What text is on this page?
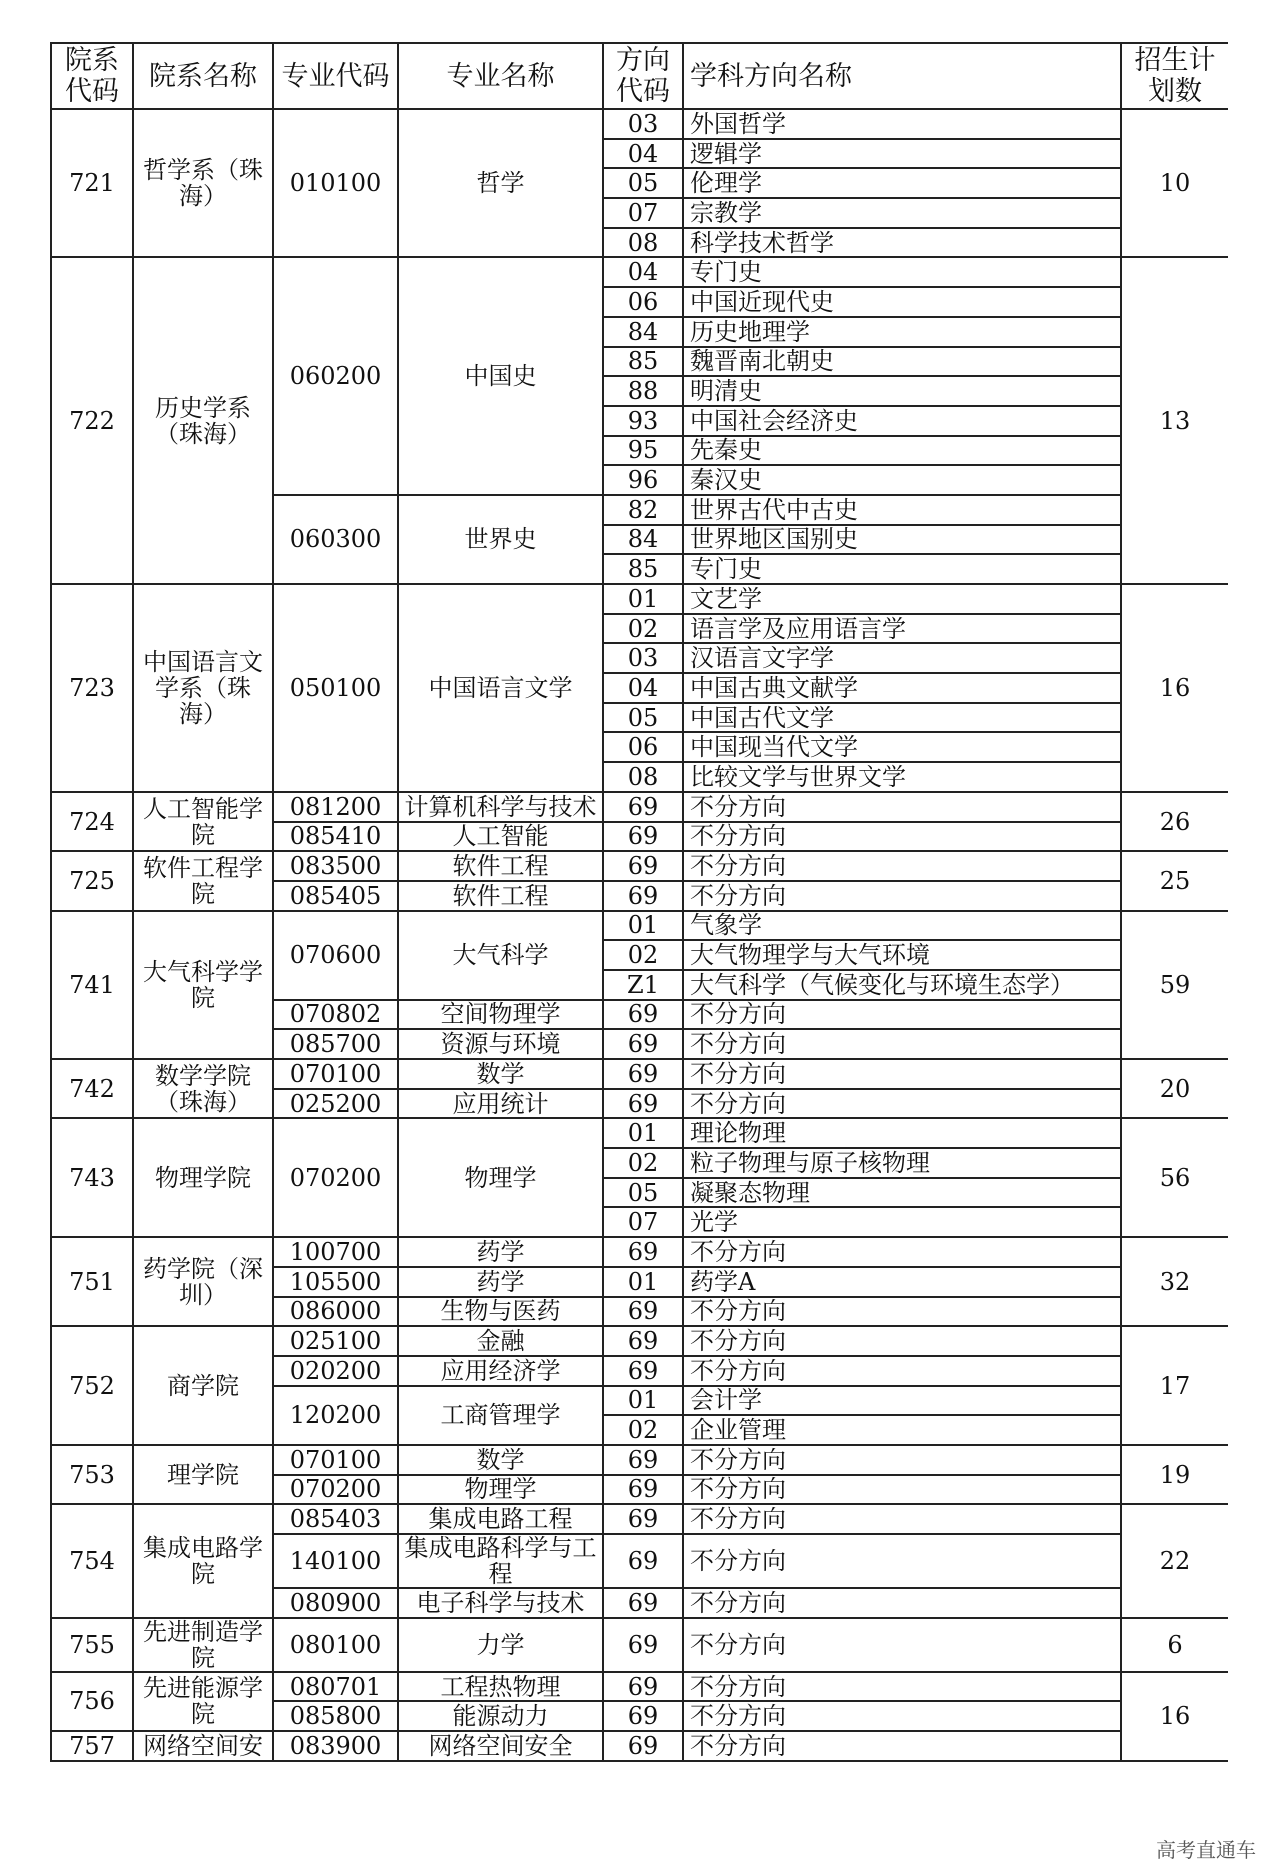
院系代码	院系名称	专业代码	专业名称	方向代码	学科方向名称	招生计划数
721	哲学系（珠海）	010100	哲学	03	外国哲学	10
				04	逻辑学	
				05	伦理学	
				07	宗教学	
				08	科学技术哲学	
722	历史学系（珠海）	060200	中国史	04	专门史	13
				06	中国近现代史	
				84	历史地理学	
				85	魏晋南北朝史	
				88	明清史	
				93	中国社会经济史	
				95	先秦史	
				96	秦汉史	
		060300	世界史	82	世界古代中古史	
				84	世界地区国别史	
				85	专门史	
723	中国语言文学系（珠海）	050100	中国语言文学	01	文艺学	16
				02	语言学及应用语言学	
				03	汉语言文字学	
				04	中国古典文献学	
				05	中国古代文学	
				06	中国现当代文学	
				08	比较文学与世界文学	
724	人工智能学院	081200	计算机科学与技术	69	不分方向	26
		085410	人工智能	69	不分方向	
725	软件工程学院	083500	软件工程	69	不分方向	25
		085405	软件工程	69	不分方向	
741	大气科学学院	070600	大气科学	01	气象学	59
				02	大气物理学与大气环境	
				Z1	大气科学（气候变化与环境生态学）	
		070802	空间物理学	69	不分方向	
		085700	资源与环境	69	不分方向	
742	数学学院（珠海）	070100	数学	69	不分方向	20
		025200	应用统计	69	不分方向	
743	物理学院	070200	物理学	01	理论物理	56
				02	粒子物理与原子核物理	
				05	凝聚态物理	
				07	光学	
751	药学院（深圳）	100700	药学	69	不分方向	32
		105500	药学	01	药学A	
		086000	生物与医药	69	不分方向	
752	商学院	025100	金融	69	不分方向	17
		020200	应用经济学	69	不分方向	
		120200	工商管理学	01	会计学	
				02	企业管理	
753	理学院	070100	数学	69	不分方向	19
		070200	物理学	69	不分方向	
754	集成电路学院	085403	集成电路工程	69	不分方向	22
		140100	集成电路科学与工程	69	不分方向	
		080900	电子科学与技术	69	不分方向	
755	先进制造学院	080100	力学	69	不分方向	6
756	先进能源学院	080701	工程热物理	69	不分方向	16
		085800	能源动力	69	不分方向	
757	网络空间安	083900	网络空间安全	69	不分方向	
高考直通车
